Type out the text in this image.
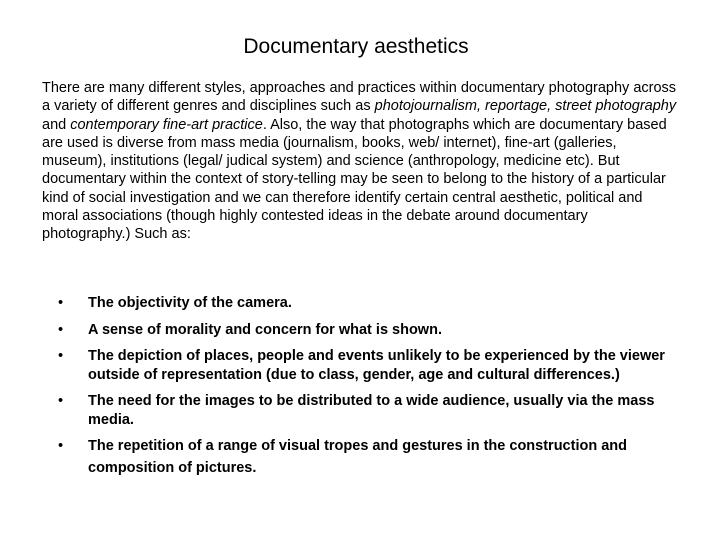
Documentary aesthetics

There are many different styles, approaches and practices within documentary photography across a variety of different genres and disciplines such as photojournalism, reportage, street photography and contemporary fine-art practice. Also, the way that photographs which are documentary based are used is diverse from mass media (journalism, books, web/ internet), fine-art (galleries, museum), institutions (legal/ judical system) and science (anthropology, medicine etc). But documentary within the context of story-telling may be seen to belong to the history of a particular kind of social investigation and we can therefore identify certain central aesthetic, political and moral associations (though highly contested ideas in the debate around documentary photography.) Such as:

• The objectivity of the camera.
• A sense of morality and concern for what is shown.
• The depiction of places, people and events unlikely to be experienced by the viewer outside of representation (due to class, gender, age and cultural differences.)
• The need for the images to be distributed to a wide audience, usually via the mass media.
• The repetition of a range of visual tropes and gestures in the construction and composition of pictures.
